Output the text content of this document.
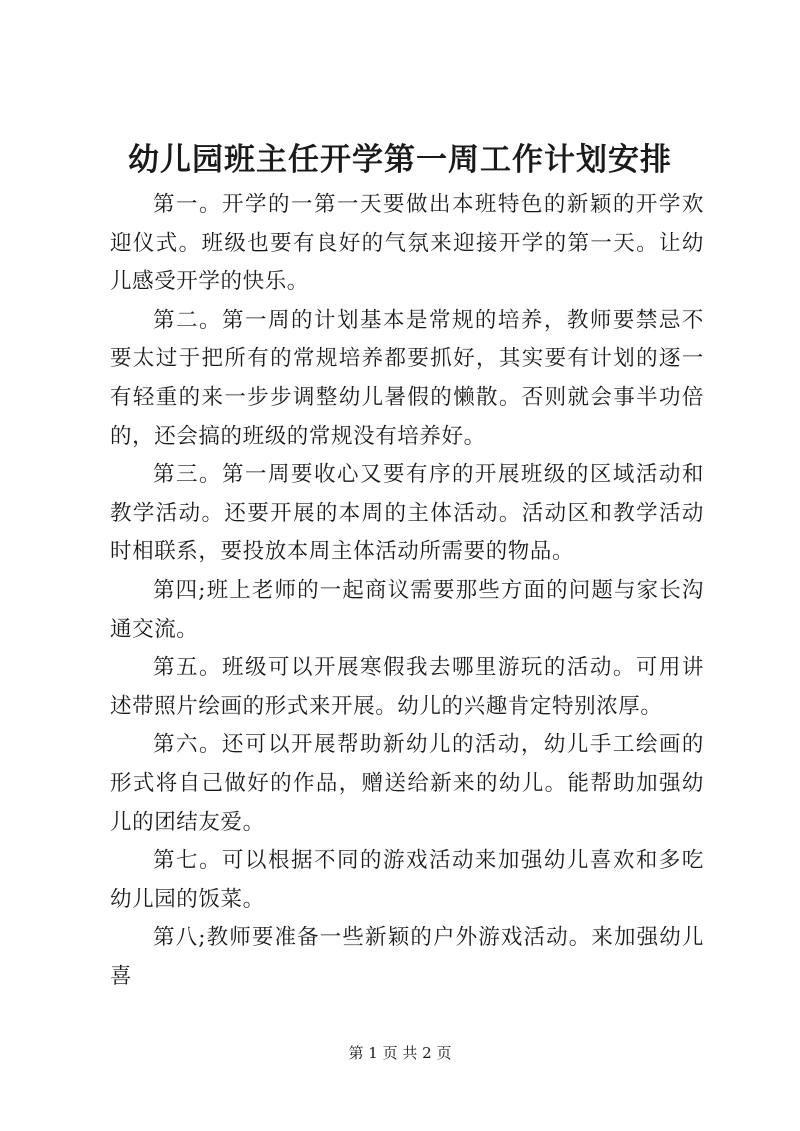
幼儿园班主任开学第一周工作计划安排

第一。开学的一第一天要做出本班特色的新颖的开学欢迎仪式。班级也要有良好的气氛来迎接开学的第一天。让幼儿感受开学的快乐。

第二。第一周的计划基本是常规的培养，教师要禁忌不要太过于把所有的常规培养都要抓好，其实要有计划的逐一有轻重的来一步步调整幼儿暑假的懒散。否则就会事半功倍的，还会搞的班级的常规没有培养好。

第三。第一周要收心又要有序的开展班级的区域活动和教学活动。还要开展的本周的主体活动。活动区和教学活动时相联系，要投放本周主体活动所需要的物品。

第四;班上老师的一起商议需要那些方面的问题与家长沟通交流。

第五。班级可以开展寒假我去哪里游玩的活动。可用讲述带照片绘画的形式来开展。幼儿的兴趣肯定特别浓厚。

第六。还可以开展帮助新幼儿的活动，幼儿手工绘画的形式将自己做好的作品，赠送给新来的幼儿。能帮助加强幼儿的团结友爱。

第七。可以根据不同的游戏活动来加强幼儿喜欢和多吃幼儿园的饭菜。

第八;教师要准备一些新颖的户外游戏活动。来加强幼儿喜

第 1 页 共 2 页
